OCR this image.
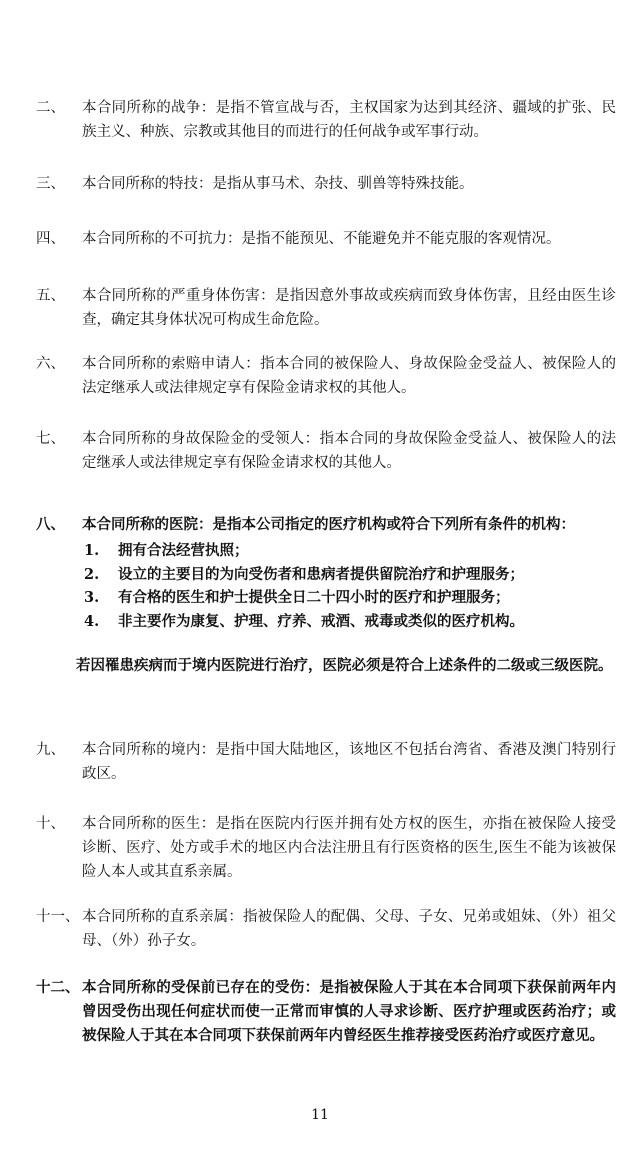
二、 本合同所称的战争：是指不管宣战与否，主权国家为达到其经济、疆域的扩张、民族主义、种族、宗教或其他目的而进行的任何战争或军事行动。
三、 本合同所称的特技：是指从事马术、杂技、驯兽等特殊技能。
四、 本合同所称的不可抗力：是指不能预见、不能避免并不能克服的客观情况。
五、 本合同所称的严重身体伤害：是指因意外事故或疾病而致身体伤害，且经由医生诊查，确定其身体状况可构成生命危险。
六、 本合同所称的索赔申请人：指本合同的被保险人、身故保险金受益人、被保险人的法定继承人或法律规定享有保险金请求权的其他人。
七、 本合同所称的身故保险金的受领人：指本合同的身故保险金受益人、被保险人的法定继承人或法律规定享有保险金请求权的其他人。
八、 本合同所称的医院：是指本公司指定的医疗机构或符合下列所有条件的机构：
1. 拥有合法经营执照；
2. 设立的主要目的为向受伤者和患病者提供留院治疗和护理服务；
3. 有合格的医生和护士提供全日二十四小时的医疗和护理服务；
4. 非主要作为康复、护理、疗养、戒酒、戒毒或类似的医疗机构。
若因罹患疾病而于境内医院进行治疗，医院必须是符合上述条件的二级或三级医院。
九、 本合同所称的境内：是指中国大陆地区，该地区不包括台湾省、香港及澳门特别行政区。
十、 本合同所称的医生：是指在医院内行医并拥有处方权的医生，亦指在被保险人接受诊断、医疗、处方或手术的地区内合法注册且有行医资格的医生,医生不能为该被保险人本人或其直系亲属。
十一、 本合同所称的直系亲属：指被保险人的配偶、父母、子女、兄弟或姐妹、（外）祖父母、（外）孙子女。
十二、 本合同所称的受保前已存在的受伤：是指被保险人于其在本合同项下获保前两年内曾因受伤出现任何症状而使一正常而审慎的人寻求诊断、医疗护理或医药治疗；或被保险人于其在本合同项下获保前两年内曾经医生推荐接受医药治疗或医疗意见。
11
